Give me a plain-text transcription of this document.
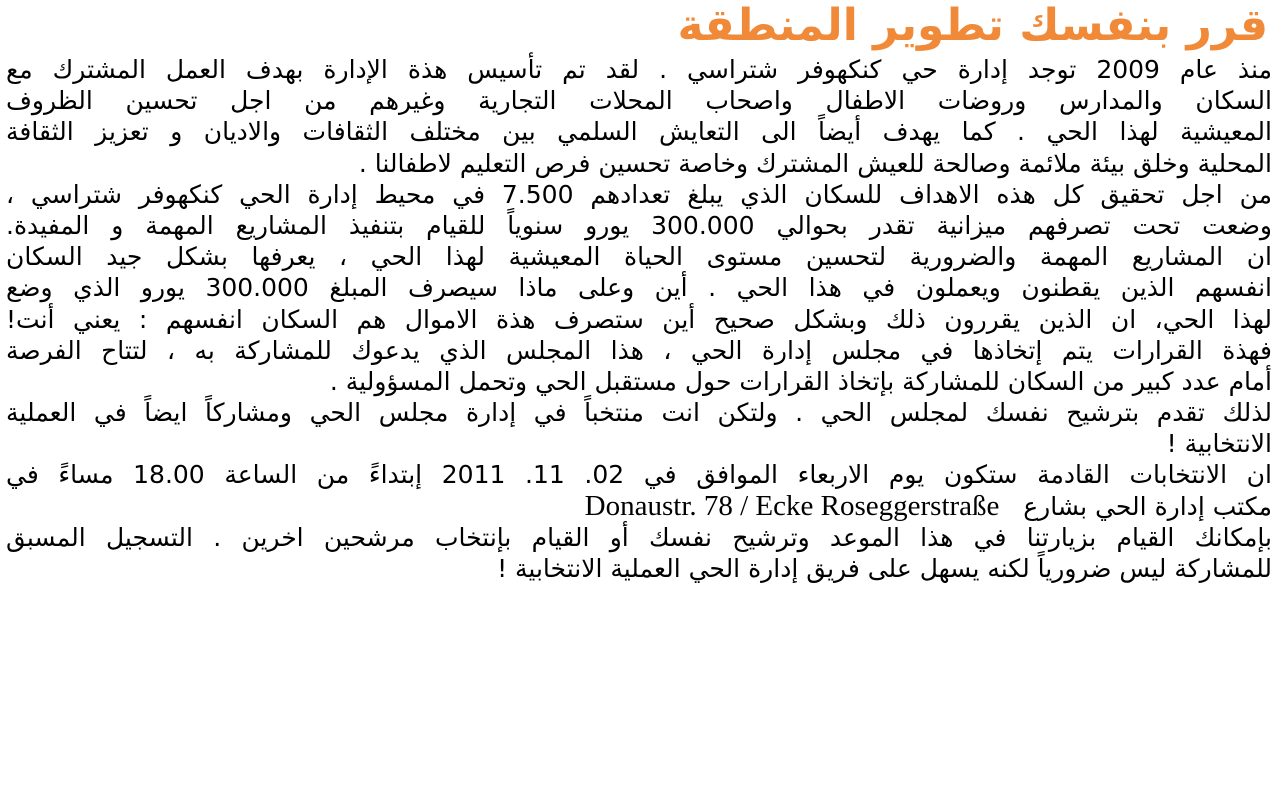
قرر بنفسك تطوير المنطقة
منذ عام 2009 توجد إدارة حي كنكهوفر شتراسي . لقد تم تأسيس هذة الإدارة بهدف العمل المشترك مع
السكان والمدارس وروضات الاطفال واصحاب المحلات التجارية وغيرهم من اجل تحسين الظروف
المعيشية لهذا الحي . كما يهدف أيضاً الى التعايش السلمي بين مختلف الثقافات والاديان و تعزيز الثقافة
المحلية وخلق بيئة ملائمة وصالحة للعيش المشترك وخاصة تحسين فرص التعليم لاطفالنا .
من اجل تحقيق كل هذه الاهداف للسكان الذي يبلغ تعدادهم 7.500 في محيط إدارة الحي كنكهوفر شتراسي ،
وضعت تحت تصرفهم ميزانية تقدر بحوالي 300.000 يورو سنوياً للقيام بتنفيذ المشاريع المهمة و المفيدة.
ان المشاريع المهمة والضرورية لتحسين مستوى الحياة المعيشية لهذا الحي ، يعرفها بشكل جيد السكان
انفسهم الذين يقطنون ويعملون في هذا الحي . أين وعلى ماذا سيصرف المبلغ 300.000 يورو الذي وضع
لهذا الحي، ان الذين يقررون ذلك وبشكل صحيح أين ستصرف هذة الاموال هم السكان انفسهم : يعني أنت!
فهذة القرارات يتم إتخاذها في مجلس إدارة الحي ، هذا المجلس الذي يدعوك للمشاركة به ، لتتاح الفرصة
أمام عدد كبير من السكان للمشاركة بإتخاذ القرارات حول مستقبل الحي وتحمل المسؤولية .
لذلك تقدم بترشيح نفسك لمجلس الحي . ولتكن انت منتخباً في إدارة مجلس الحي ومشاركاً ايضاً في العملية
الانتخابية !
ان الانتخابات القادمة ستكون يوم الاربعاء الموافق في 02. 11. 2011 إبتداءً من الساعة 18.00 مساءً في
مكتب إدارة الحي بشارع   Donaustr. 78 / Ecke Roseggerstraße
بإمكانك القيام بزيارتنا في هذا الموعد وترشيح نفسك أو القيام بإنتخاب مرشحين اخرين . التسجيل المسبق
للمشاركة ليس ضرورياً لكنه يسهل على فريق إدارة الحي العملية الانتخابية !
